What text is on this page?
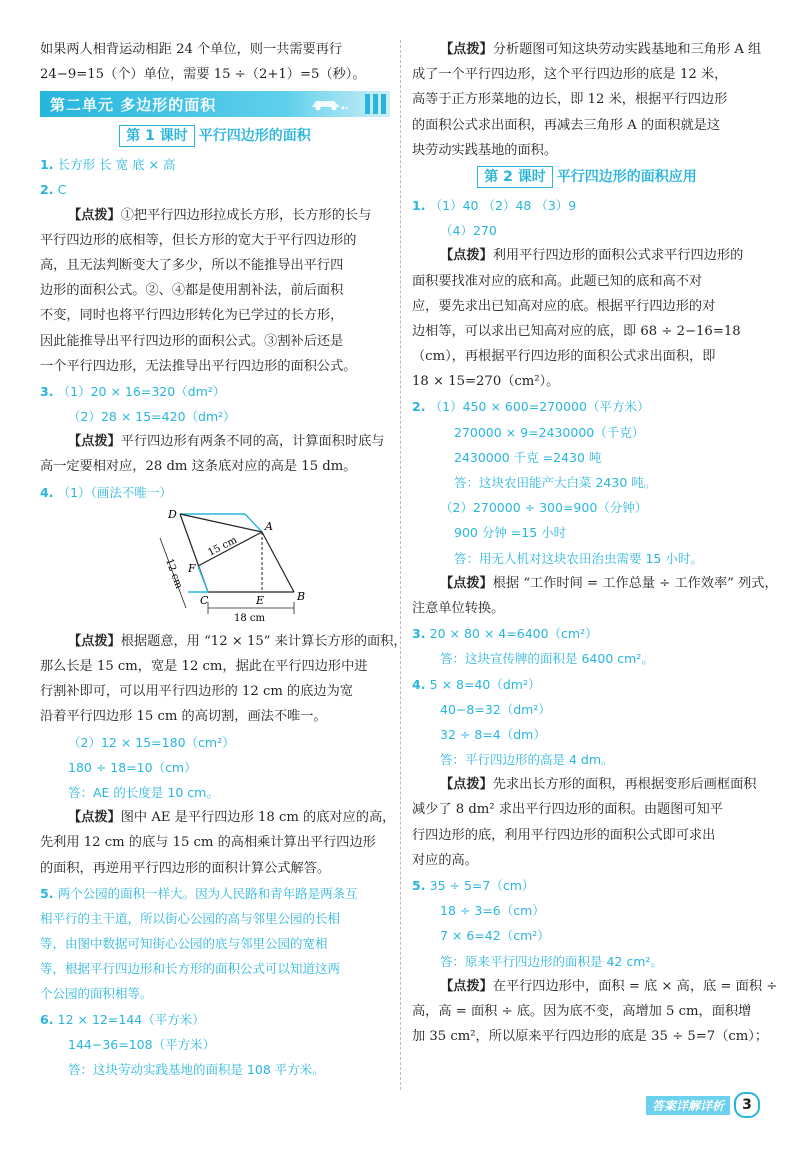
如果两人相背运动相距 24 个单位，则一共需要再行
24−9=15（个）单位，需要 15 ÷（2+1）=5（秒）。
第二单元 多边形的面积
第 1 课时 平行四边形的面积
1. 长方形 长 宽 底 × 高
2. C
【点拨】①把平行四边形拉成长方形，长方形的长与
平行四边形的底相等，但长方形的宽大于平行四边形的
高，且无法判断变大了多少，所以不能推导出平行四
边形的面积公式。②、④都是使用割补法，前后面积
不变，同时也将平行四边形转化为已学过的长方形，
因此能推导出平行四边形的面积公式。③割补后还是
一个平行四边形，无法推导出平行四边形的面积公式。
3. （1）20 × 16=320（dm²）
（2）28 × 15=420（dm²）
【点拨】平行四边形有两条不同的高，计算面积时底与
高一定要相对应，28 dm 这条底对应的高是 15 dm。
4. （1）（画法不唯一）
D
A
F
C	E	B
15 cm
12 cm
18 cm
【点拨】根据题意，用 “12 × 15” 来计算长方形的面积，
那么长是 15 cm，宽是 12 cm，据此在平行四边形中进
行割补即可，可以用平行四边形的 12 cm 的底边为宽
沿着平行四边形 15 cm 的高切割，画法不唯一。
（2）12 × 15=180（cm²）
180 ÷ 18=10（cm）
答：AE 的长度是 10 cm。
【点拨】图中 AE 是平行四边形 18 cm 的底对应的高，
先利用 12 cm 的底与 15 cm 的高相乘计算出平行四边形
的面积，再逆用平行四边形的面积计算公式解答。
5. 两个公园的面积一样大。因为人民路和青年路是两条互
相平行的主干道，所以街心公园的高与邻里公园的长相
等，由图中数据可知街心公园的底与邻里公园的宽相
等，根据平行四边形和长方形的面积公式可以知道这两
个公园的面积相等。
6. 12 × 12=144（平方米）
144−36=108（平方米）
答：这块劳动实践基地的面积是 108 平方米。
【点拨】分析题图可知这块劳动实践基地和三角形 A 组
成了一个平行四边形，这个平行四边形的底是 12 米，
高等于正方形菜地的边长，即 12 米，根据平行四边形
的面积公式求出面积，再减去三角形 A 的面积就是这
块劳动实践基地的面积。
第 2 课时 平行四边形的面积应用
1. （1）40 （2）48 （3）9
（4）270
【点拨】利用平行四边形的面积公式求平行四边形的
面积要找准对应的底和高。此题已知的底和高不对
应，要先求出已知高对应的底。根据平行四边形的对
边相等，可以求出已知高对应的底，即 68 ÷ 2−16=18
（cm），再根据平行四边形的面积公式求出面积，即
18 × 15=270（cm²）。
2. （1）450 × 600=270000（平方米）
270000 × 9=2430000（千克）
2430000 千克 =2430 吨
答：这块农田能产大白菜 2430 吨。
（2）270000 ÷ 300=900（分钟）
900 分钟 =15 小时
答：用无人机对这块农田治虫需要 15 小时。
【点拨】根据 “工作时间 = 工作总量 ÷ 工作效率” 列式，
注意单位转换。
3. 20 × 80 × 4=6400（cm²）
答：这块宣传牌的面积是 6400 cm²。
4. 5 × 8=40（dm²）
40−8=32（dm²）
32 ÷ 8=4（dm）
答：平行四边形的高是 4 dm。
【点拨】先求出长方形的面积，再根据变形后画框面积
减少了 8 dm² 求出平行四边形的面积。由题图可知平
行四边形的底，利用平行四边形的面积公式即可求出
对应的高。
5. 35 ÷ 5=7（cm）
18 ÷ 3=6（cm）
7 × 6=42（cm²）
答：原来平行四边形的面积是 42 cm²。
【点拨】在平行四边形中，面积 = 底 × 高，底 = 面积 ÷
高，高 = 面积 ÷ 底。因为底不变，高增加 5 cm，面积增
加 35 cm²，所以原来平行四边形的底是 35 ÷ 5=7（cm）；
答案详解详析	3
